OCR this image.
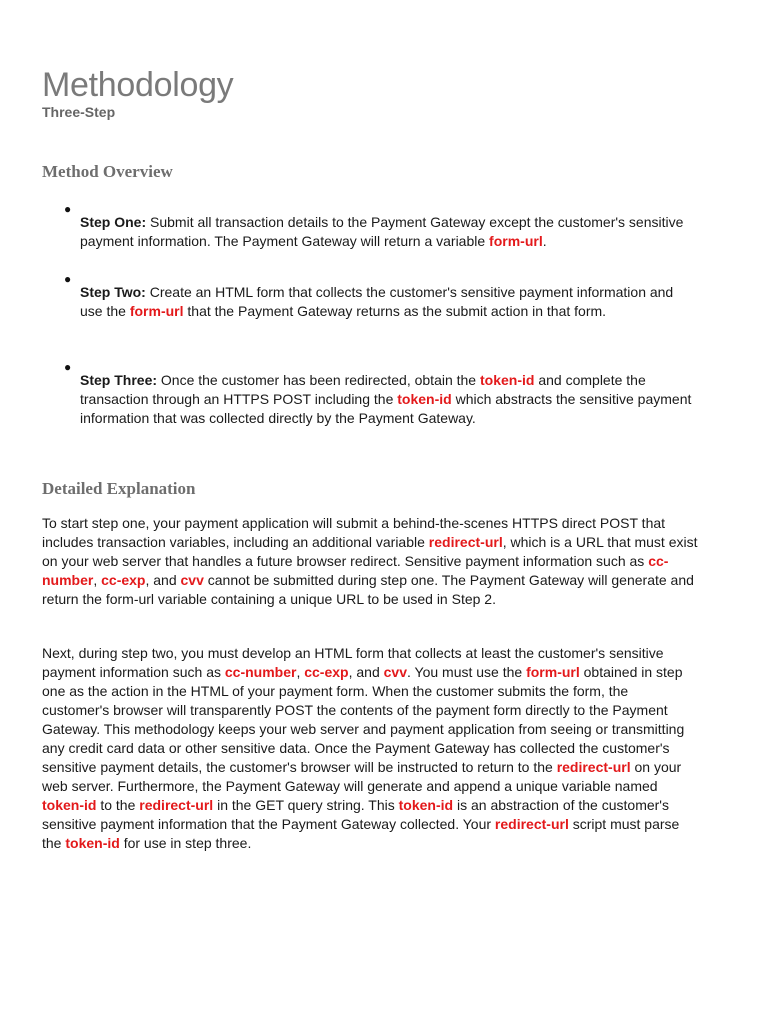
Methodology
Three-Step
Method Overview
●
Step One: Submit all transaction details to the Payment Gateway except the customer's sensitive payment information. The Payment Gateway will return a variable form-url.
●
Step Two: Create an HTML form that collects the customer's sensitive payment information and use the form-url that the Payment Gateway returns as the submit action in that form.
●
Step Three: Once the customer has been redirected, obtain the token-id and complete the transaction through an HTTPS POST including the token-id which abstracts the sensitive payment information that was collected directly by the Payment Gateway.
Detailed Explanation
To start step one, your payment application will submit a behind-the-scenes HTTPS direct POST that includes transaction variables, including an additional variable redirect-url, which is a URL that must exist on your web server that handles a future browser redirect. Sensitive payment information such as cc-number, cc-exp, and cvv cannot be submitted during step one. The Payment Gateway will generate and return the form-url variable containing a unique URL to be used in Step 2.
Next, during step two, you must develop an HTML form that collects at least the customer's sensitive payment information such as cc-number, cc-exp, and cvv. You must use the form-url obtained in step one as the action in the HTML of your payment form. When the customer submits the form, the customer's browser will transparently POST the contents of the payment form directly to the Payment Gateway. This methodology keeps your web server and payment application from seeing or transmitting any credit card data or other sensitive data. Once the Payment Gateway has collected the customer's sensitive payment details, the customer's browser will be instructed to return to the redirect-url on your web server. Furthermore, the Payment Gateway will generate and append a unique variable named token-id to the redirect-url in the GET query string. This token-id is an abstraction of the customer's sensitive payment information that the Payment Gateway collected. Your redirect-url script must parse the token-id for use in step three.
